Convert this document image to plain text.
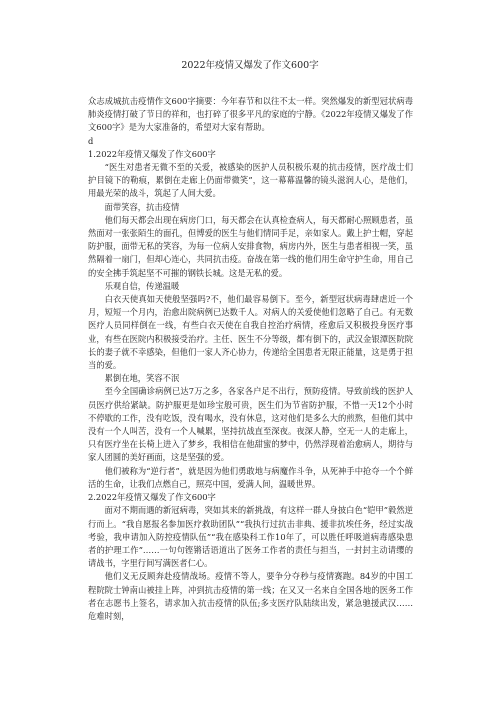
2022年疫情又爆发了作文600字

众志成城抗击疫情作文600字摘要：今年春节和以往不太一样。突然爆发的新型冠状病毒肺炎疫情打破了节日的祥和，也打碎了很多平凡的家庭的宁静。《2022年疫情又爆发了作文600字》是为大家准备的，希望对大家有帮助。

d

1.2022年疫情又爆发了作文600字

“医生对患者无微不至的关爱，被感染的医护人员积极乐观的抗击疫情，医疗战士们护目镜下的勒痕，累倒在走廊上仍面带微笑”，这一幕幕温馨的镜头滋润人心，是他们，用最光荣的战斗，筑起了人间大爱。

面带笑容，抗击疫情

他们每天都会出现在病房门口，每天都会在认真检查病人，每天都耐心照顾患者，虽然面对一张张陌生的面孔，但博爱的医生与他们情同手足，亲如家人。戴上护士帽，穿起防护服，面带无私的笑容，为每一位病人安排食物，病房内外，医生与患者相视一笑，虽然隔着一扇门，但却心连心，共同抗击疫。奋战在第一线的他们用生命守护生命，用自己的安全拂手筑起坚不可摧的钢铁长城。这是无私的爱。

乐观自信，传递温暖

白衣天使真如天使般坚强吗?不，他们最容易倒下。至今，新型冠状病毒肆虐近一个月，短短一个月内，治愈出院病例已达数千人。对病人的关爱使他们忽略了自己。有无数医疗人员同样倒在一线，有些白衣天使在自我自控治疗病情，痊愈后又积极投身医疗事业，有些在医院内积极接受治疗。主任、医生不分等级，都有倒下的，武汉金银潭医院院长的妻子就不幸感染，但他们一家人齐心协力，传递给全国患者无限正能量，这是勇于担当的爱。

累倒在地，笑容不泯

至今全国确诊病例已达7万之多，各家各户足不出行，预防疫情。导致前线的医护人员医疗供给紧缺。防护服更是如珍宝般可贵，医生们为节省防护服，不惜一天12个小时不停歇的工作，没有吃饭，没有喝水，没有休息，这对他们是多么大的煎熬，但他们其中没有一个人叫苦，没有一个人喊累，坚持抗战直至深夜。夜深人静，空无一人的走廊上，只有医疗坐在长椅上进入了梦乡，我相信在他甜蜜的梦中，仍然浮现着治愈病人，期待与家人团圆的美好画面，这是坚强的爱。

他们被称为“逆行者”，就是因为他们勇敢地与病魔作斗争，从死神手中抢夺一个个鲜活的生命，让我们点燃自己，照亮中国，爱满人间，温暖世界。

2.2022年疫情又爆发了作文600字

面对不期而遇的新冠病毒，突如其来的新挑战，有这样一群人身披白色“铠甲”毅然逆行而上。“我自愿报名参加医疗救助团队”“我执行过抗击非典、援非抗埃任务，经过实战考验，我申请加入防控疫情队伍”“我在感染科工作10年了，可以胜任呼吸道病毒感染患者的护理工作”……一句句铿锵话语道出了医务工作者的责任与担当，一封封主动请缨的请战书，字里行间写满医者仁心。

他们义无反顾奔赴疫情战场。疫情不等人，要争分夺秒与疫情赛跑。84岁的中国工程院院士钟南山被挂上阵，冲到抗击疫情的第一线；在又又一名来自全国各地的医务工作者在志愿书上签名，请求加入抗击疫情的队伍;多支医疗队陆续出发，紧急驰援武汉……危难时刻，
